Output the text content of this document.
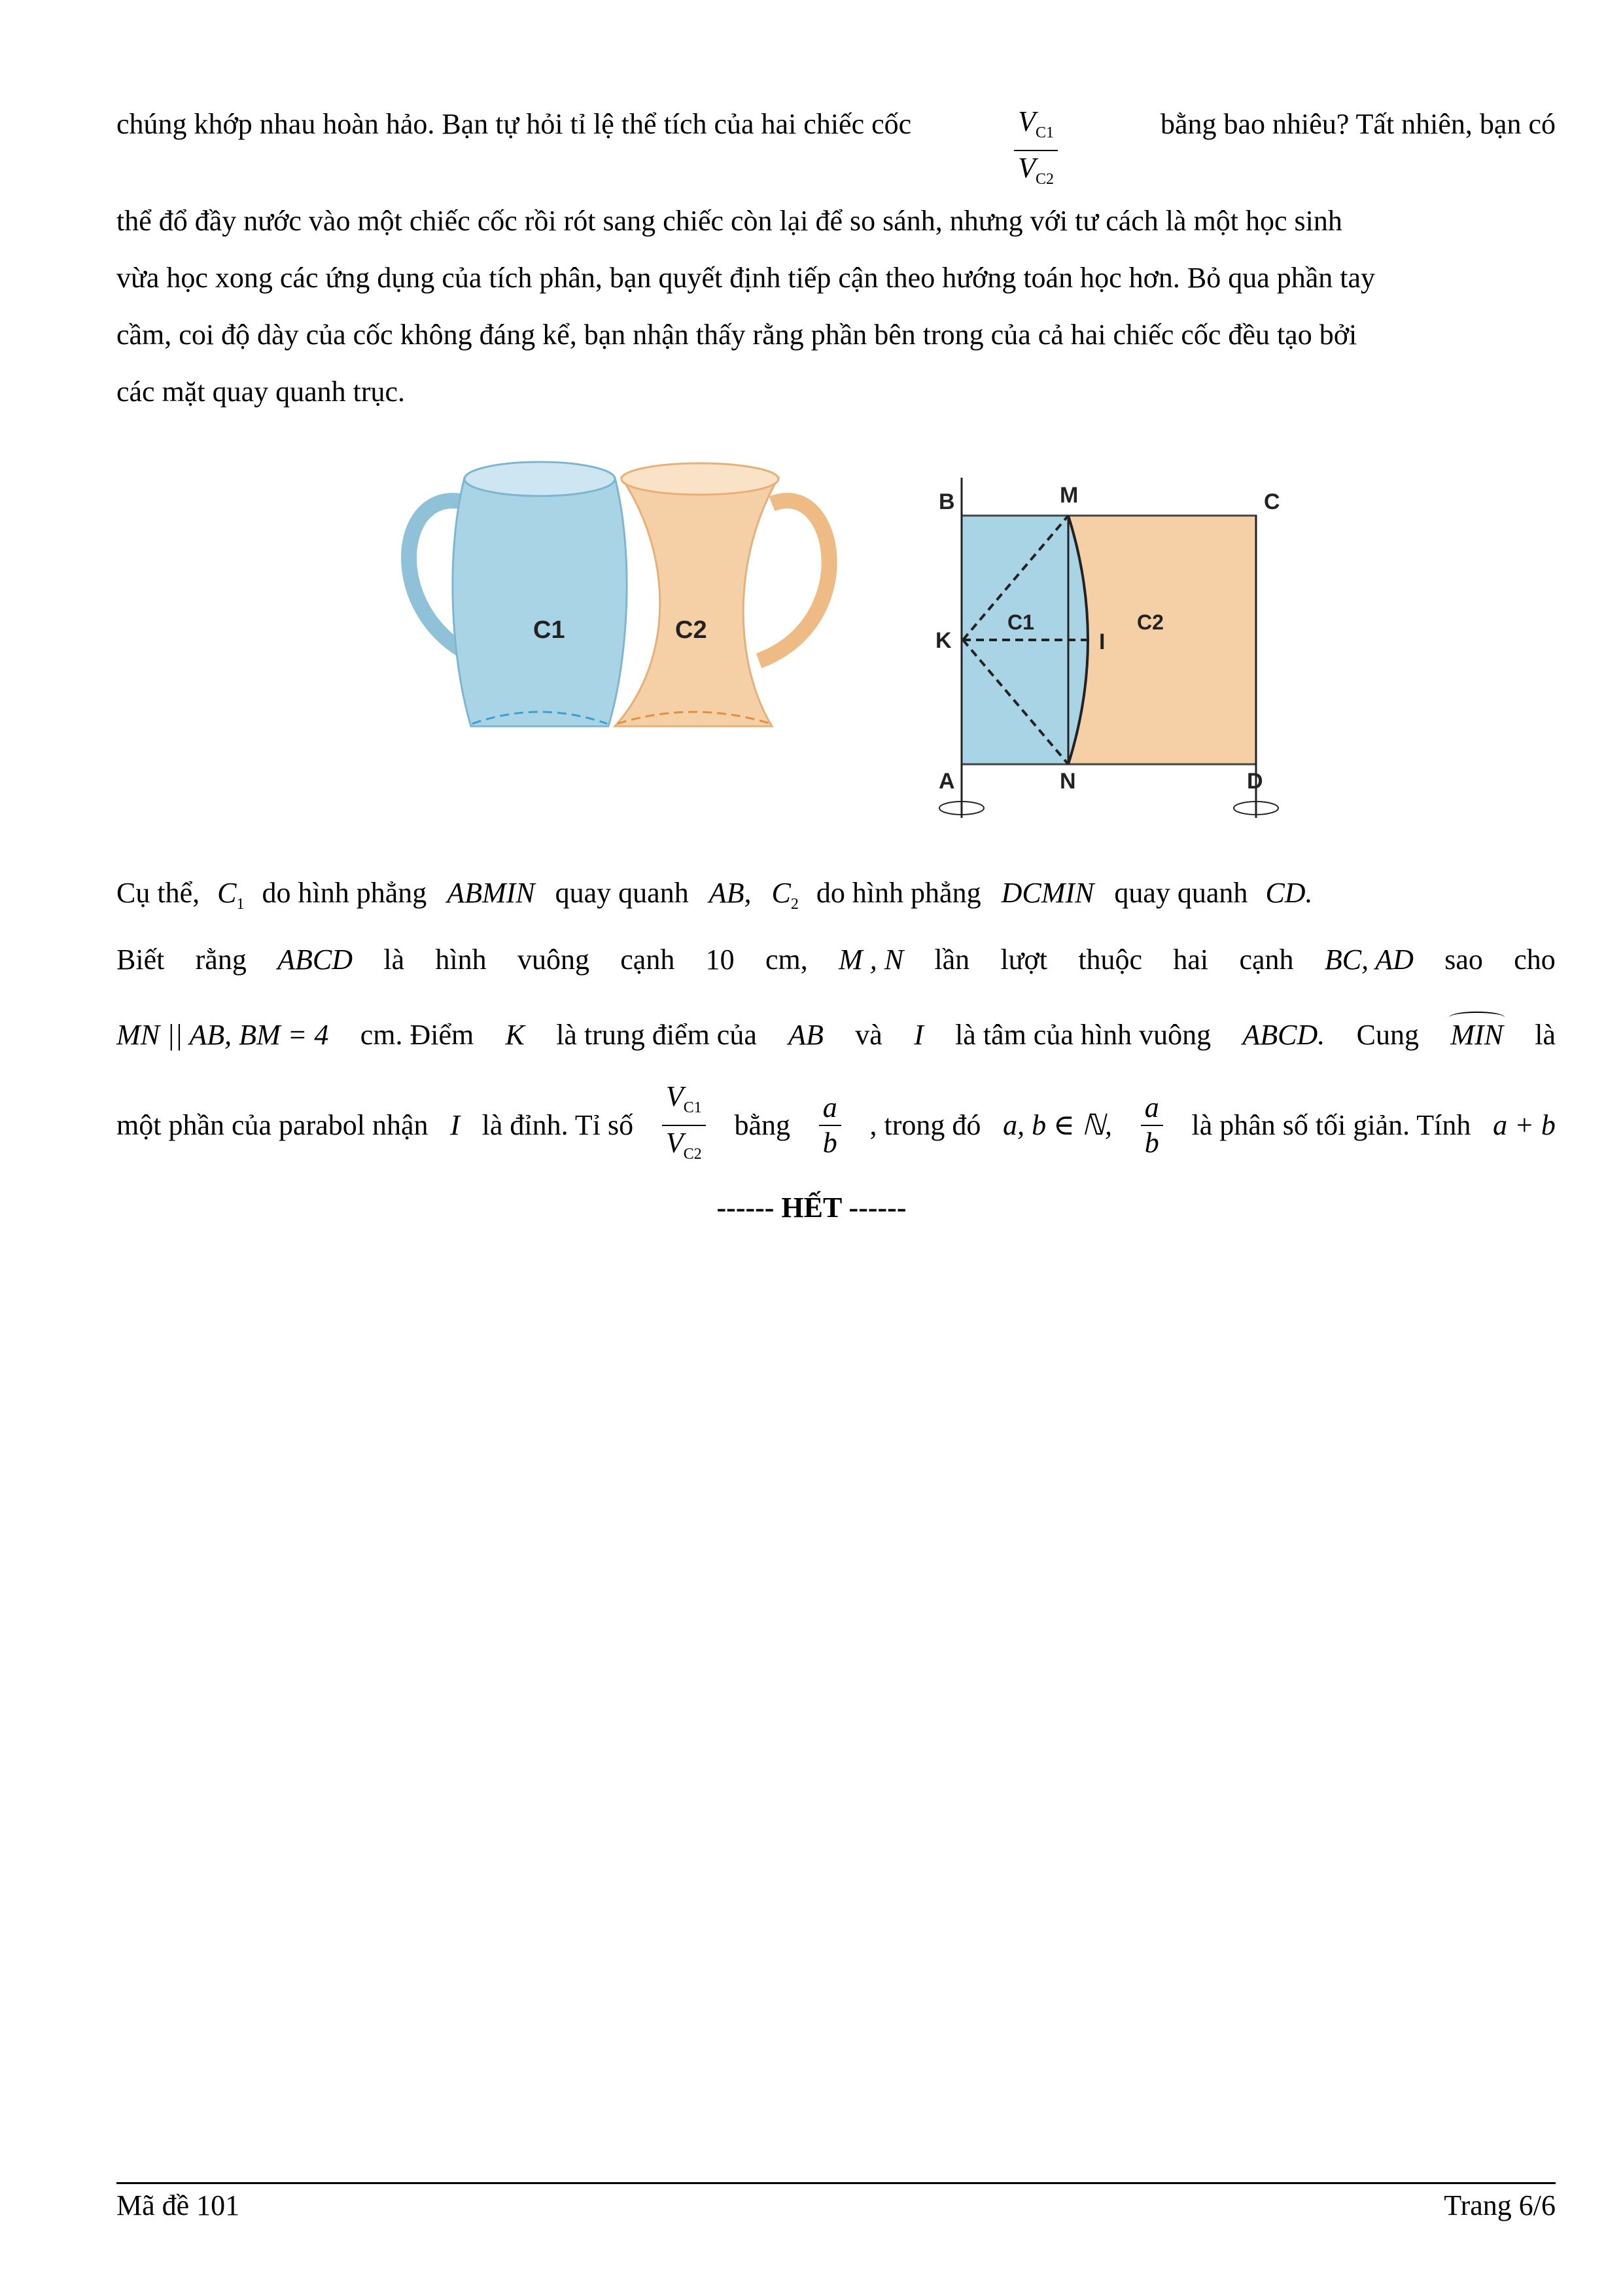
chúng khớp nhau hoàn hảo. Bạn tự hỏi tỉ lệ thể tích của hai chiếc cốc	$\frac{V_{C1}}{V_{C2}}$	bằng bao nhiêu? Tất nhiên, bạn có
thể đổ đầy nước vào một chiếc cốc rồi rót sang chiếc còn lại để so sánh, nhưng với tư cách là một học sinh
vừa học xong các ứng dụng của tích phân, bạn quyết định tiếp cận theo hướng toán học hơn. Bỏ qua phần tay
cầm, coi độ dày của cốc không đáng kể, bạn nhận thấy rằng phần bên trong của cả hai chiếc cốc đều tạo bởi
các mặt quay quanh trục.
C1	C2
B	M	C
K	I
A	N	D
C1	C2
Cụ thể, $C_1$ do hình phẳng ABMIN quay quanh AB, $C_2$ do hình phẳng DCMIN quay quanh CD.
Biết rằng ABCD là hình vuông cạnh 10 cm, M , N lần lượt thuộc hai cạnh BC, AD sao cho
MN || AB, BM = 4 cm. Điểm K là trung điểm của AB và I là tâm của hình vuông ABCD. Cung MIN là
một phần của parabol nhận I là đỉnh. Tỉ số $\frac{V_{C1}}{V_{C2}}$ bằng $\frac{a}{b}$ , trong đó a, b ∈ ℕ, $\frac{a}{b}$ là phân số tối giản. Tính a + b
------ HẾT ------
Mã đề 101	Trang 6/6
